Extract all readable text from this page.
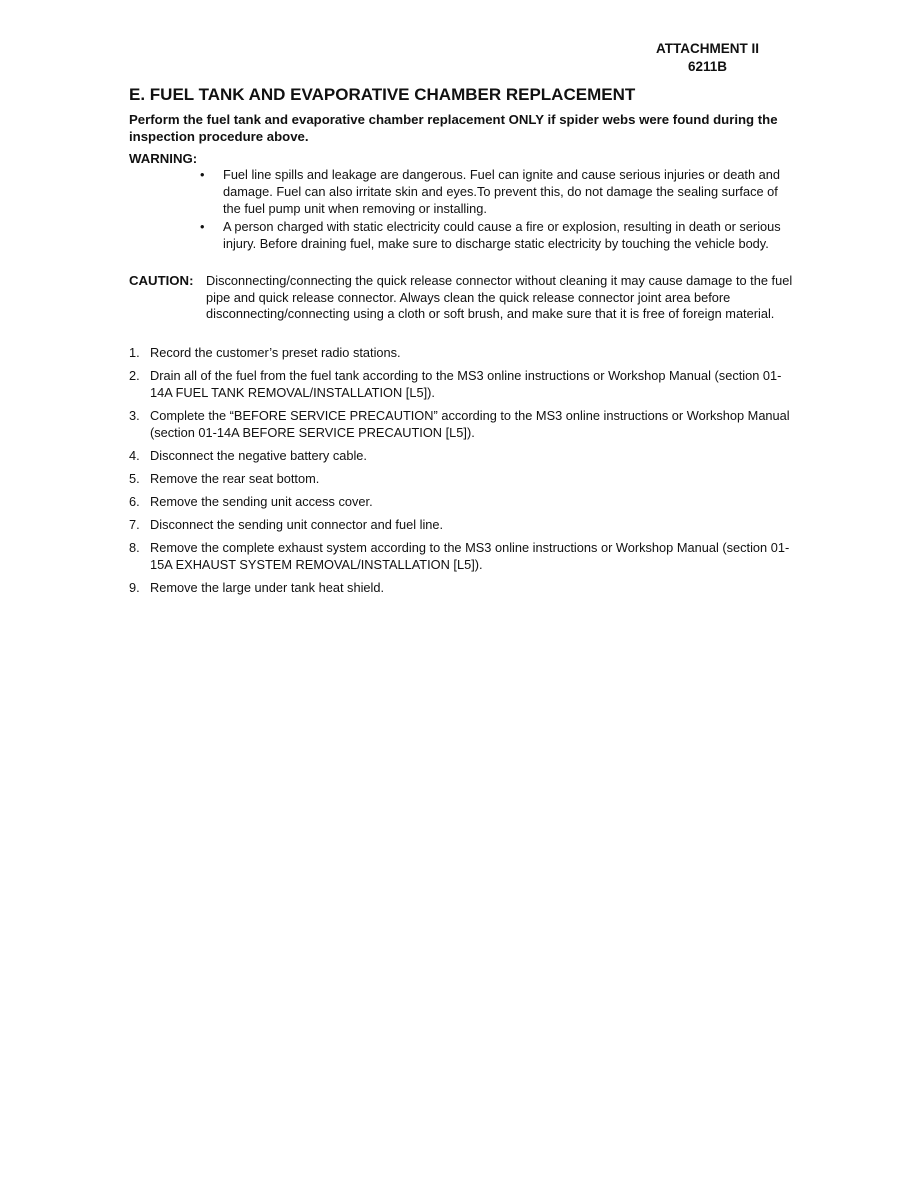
ATTACHMENT II
6211B
E. FUEL TANK AND EVAPORATIVE CHAMBER REPLACEMENT
Perform the fuel tank and evaporative chamber replacement ONLY if spider webs were found during the inspection procedure above.
WARNING:
• Fuel line spills and leakage are dangerous. Fuel can ignite and cause serious injuries or death and damage. Fuel can also irritate skin and eyes.To prevent this, do not damage the sealing surface of the fuel pump unit when removing or installing.
• A person charged with static electricity could cause a fire or explosion, resulting in death or serious injury. Before draining fuel, make sure to discharge static electricity by touching the vehicle body.
CAUTION: Disconnecting/connecting the quick release connector without cleaning it may cause damage to the fuel pipe and quick release connector. Always clean the quick release connector joint area before disconnecting/connecting using a cloth or soft brush, and make sure that it is free of foreign material.
1. Record the customer’s preset radio stations.
2. Drain all of the fuel from the fuel tank according to the MS3 online instructions or Workshop Manual (section 01-14A FUEL TANK REMOVAL/INSTALLATION [L5]).
3. Complete the “BEFORE SERVICE PRECAUTION” according to the MS3 online instructions or Workshop Manual (section 01-14A BEFORE SERVICE PRECAUTION [L5]).
4. Disconnect the negative battery cable.
5. Remove the rear seat bottom.
6. Remove the sending unit access cover.
7. Disconnect the sending unit connector and fuel line.
8. Remove the complete exhaust system according to the MS3 online instructions or Workshop Manual (section 01-15A EXHAUST SYSTEM REMOVAL/INSTALLATION [L5]).
9. Remove the large under tank heat shield.
